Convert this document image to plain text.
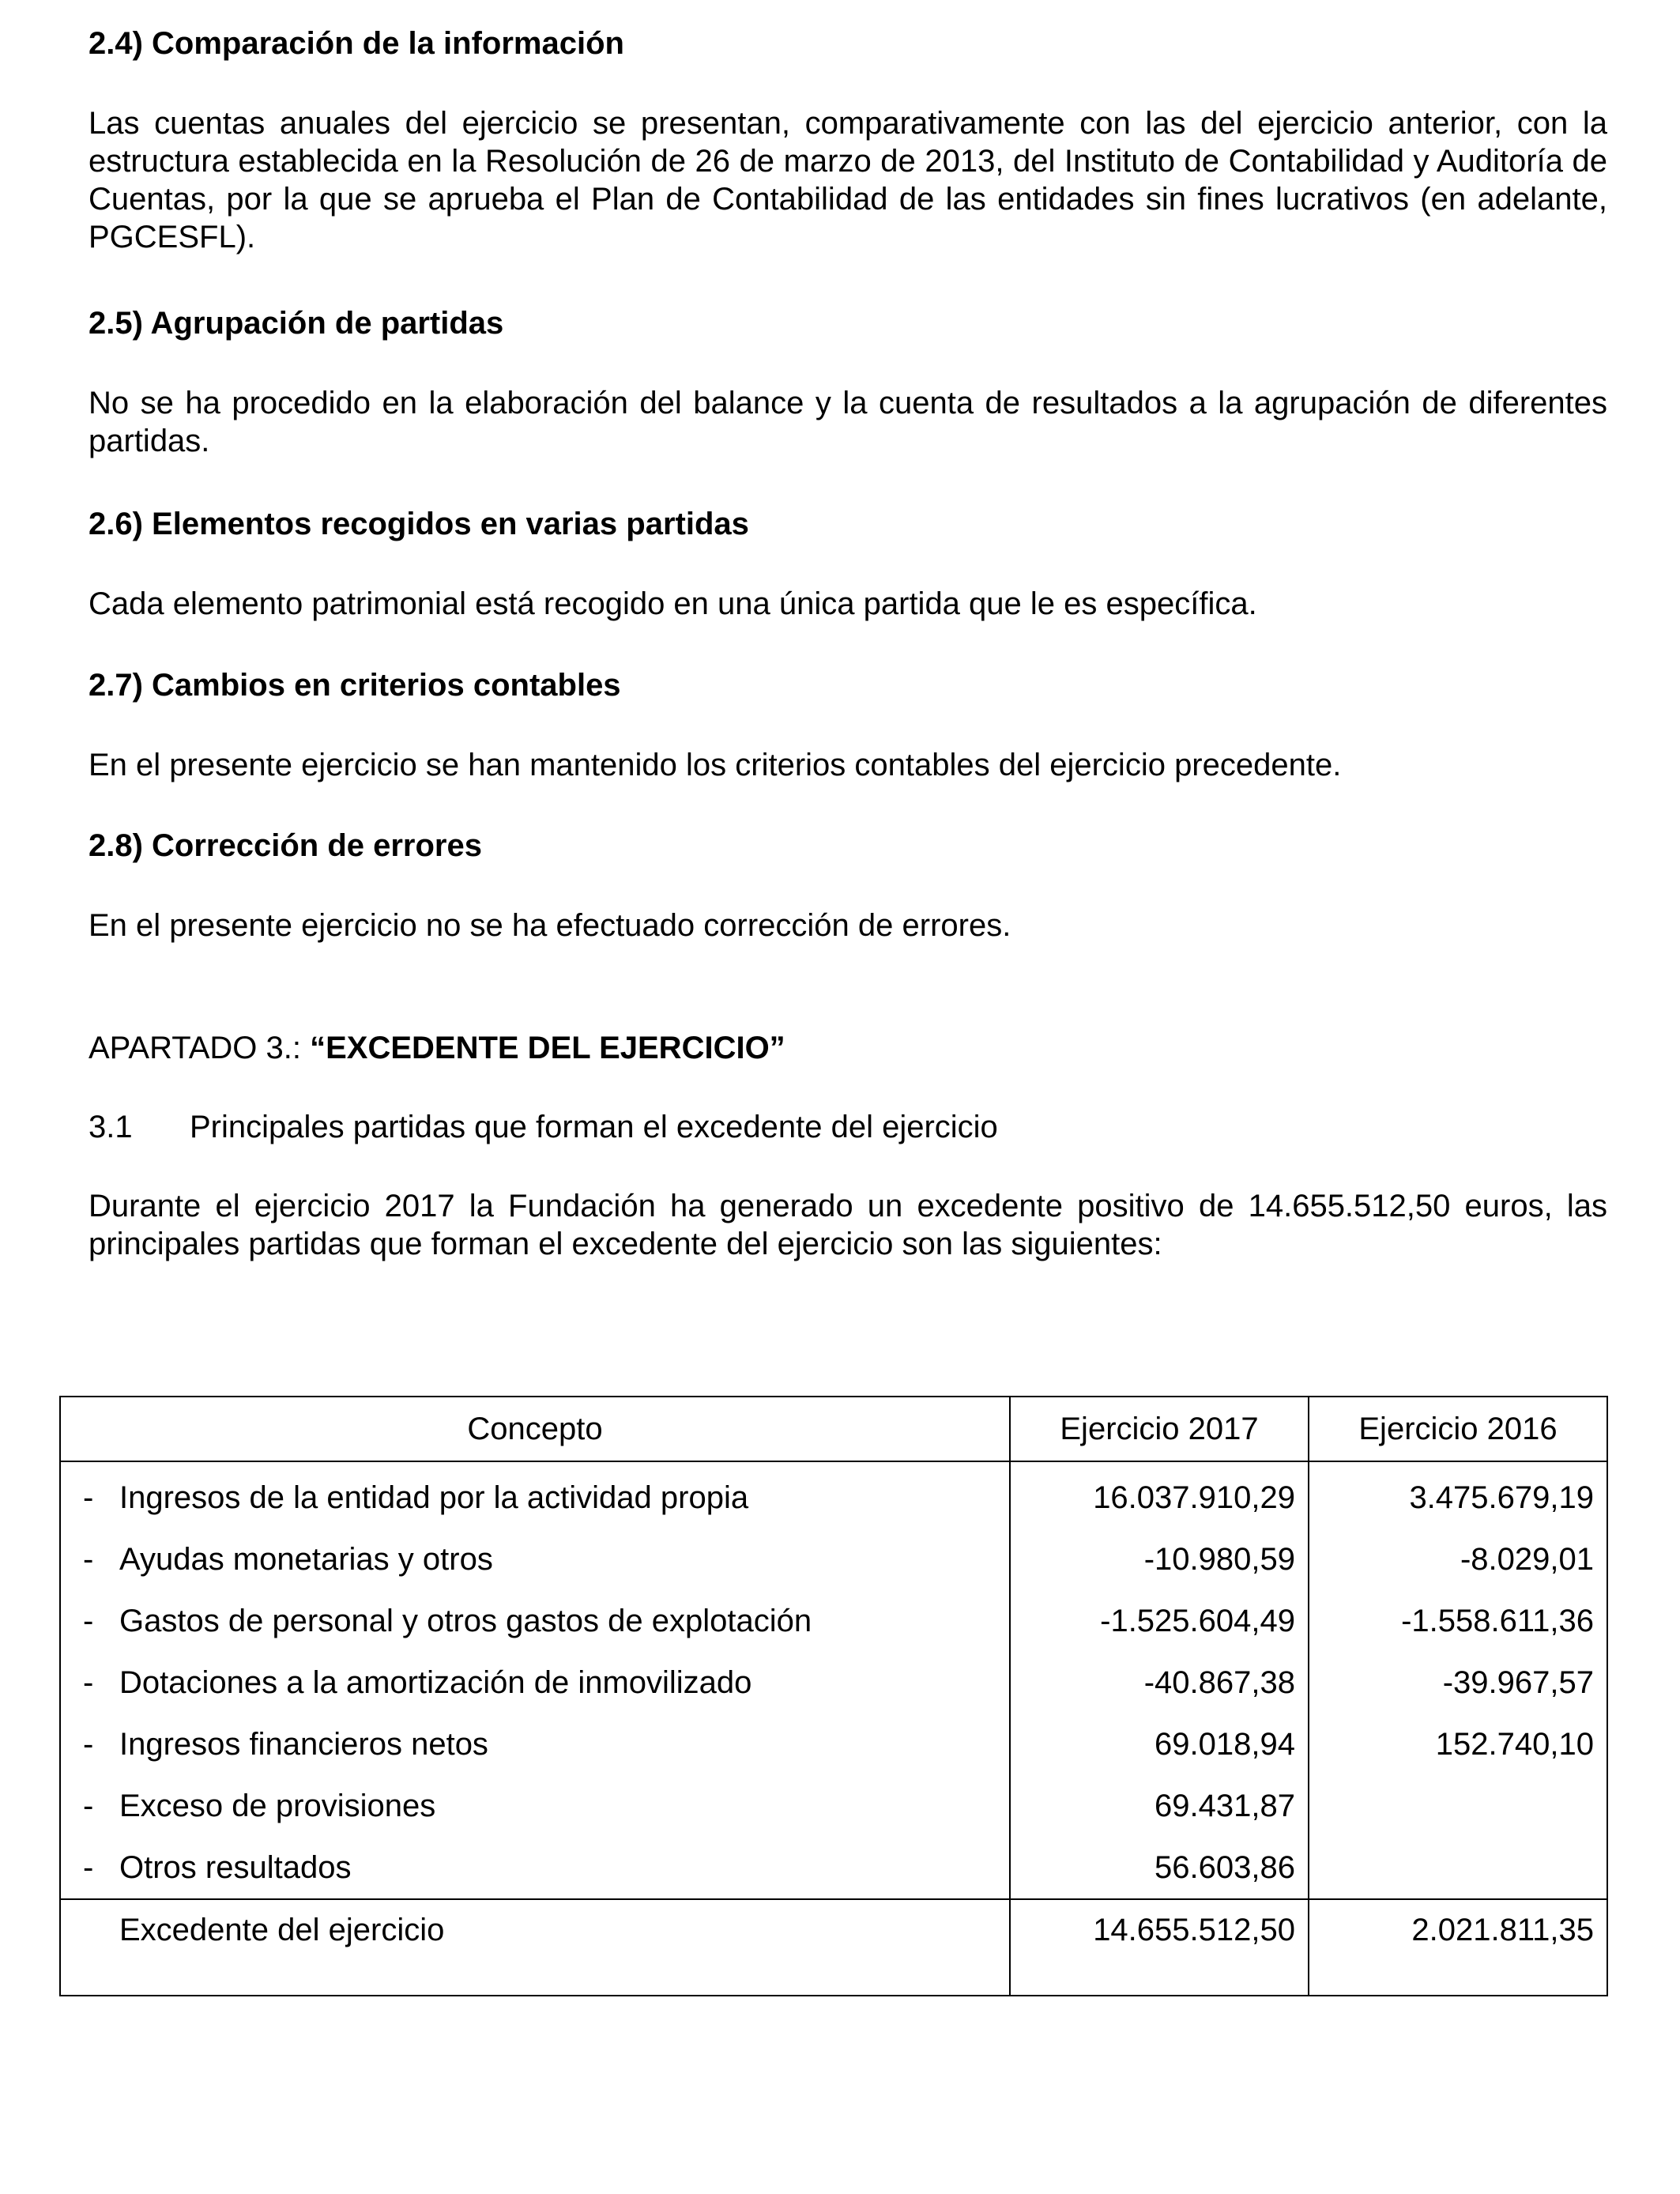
2.4) Comparación de la información
Las cuentas anuales del ejercicio se presentan, comparativamente con las del ejercicio anterior, con la estructura establecida en la Resolución de 26 de marzo de 2013, del Instituto de Contabilidad y Auditoría de Cuentas, por la que se aprueba el Plan de Contabilidad de las entidades sin fines lucrativos (en adelante, PGCESFL).
2.5) Agrupación de partidas
No se ha procedido en la elaboración del balance y la cuenta de resultados a la agrupación de diferentes partidas.
2.6) Elementos recogidos en varias partidas
Cada elemento patrimonial está recogido en una única partida que le es específica.
2.7) Cambios en criterios contables
En el presente ejercicio se han mantenido los criterios contables del ejercicio precedente.
2.8) Corrección de errores
En el presente ejercicio no se ha efectuado corrección de errores.
APARTADO 3.: “EXCEDENTE DEL EJERCICIO”
3.1 Principales partidas que forman el excedente del ejercicio
Durante el ejercicio 2017 la Fundación ha generado un excedente positivo de 14.655.512,50 euros, las principales partidas que forman el excedente del ejercicio son las siguientes:
Concepto	Ejercicio 2017	Ejercicio 2016
- Ingresos de la entidad por la actividad propia	16.037.910,29	3.475.679,19
- Ayudas monetarias y otros	-10.980,59	-8.029,01
- Gastos de personal y otros gastos de explotación	-1.525.604,49	-1.558.611,36
- Dotaciones a la amortización de inmovilizado	-40.867,38	-39.967,57
- Ingresos financieros netos	69.018,94	152.740,10
- Exceso de provisiones	69.431,87	
- Otros resultados	56.603,86	
Excedente del ejercicio	14.655.512,50	2.021.811,35
